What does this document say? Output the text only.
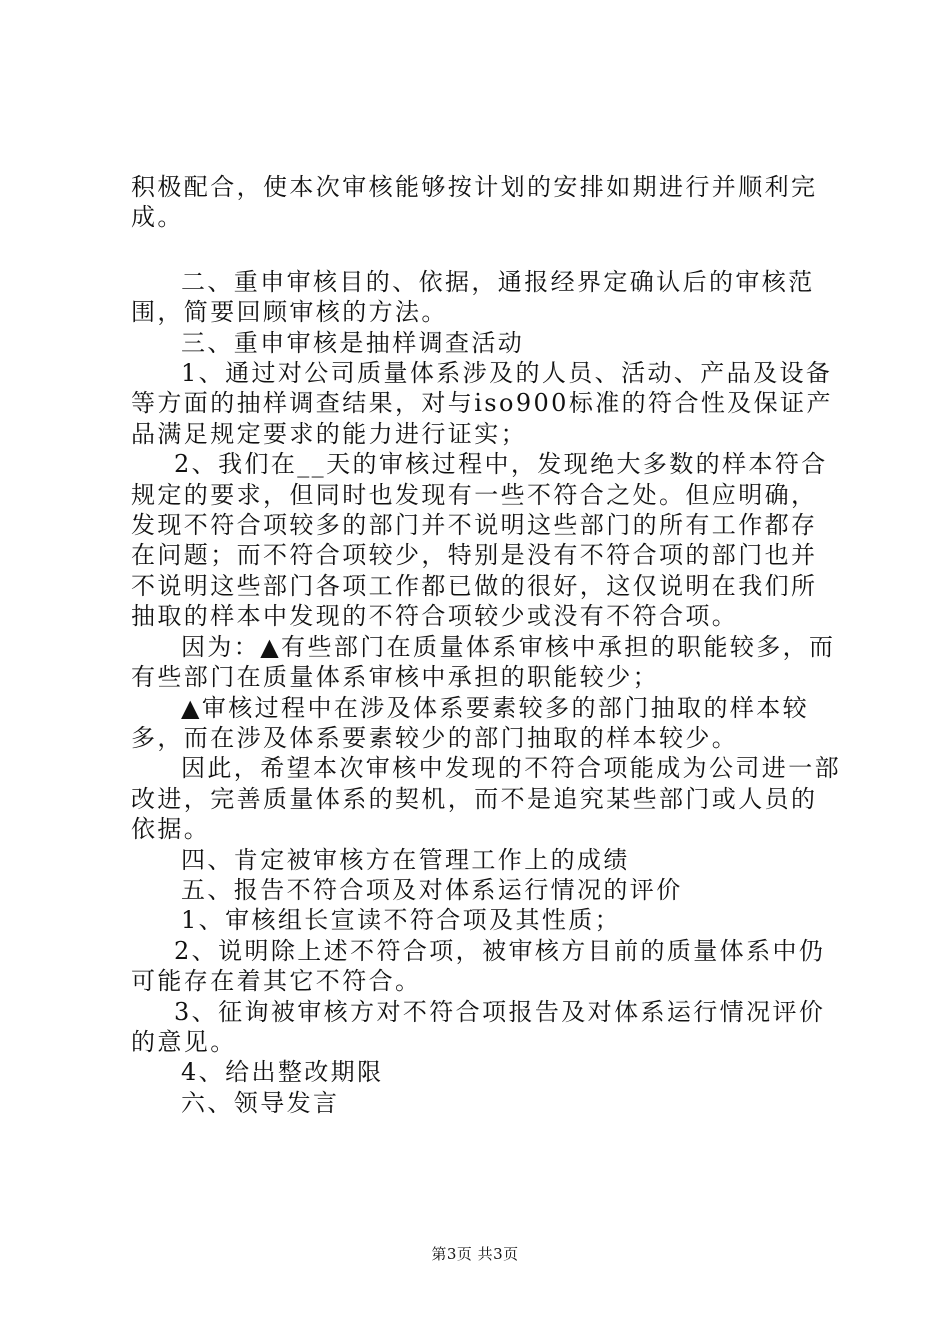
积极配合，使本次审核能够按计划的安排如期进行并顺利完成。

二、重申审核目的、依据，通报经界定确认后的审核范围，简要回顾审核的方法。

三、重申审核是抽样调查活动

1、通过对公司质量体系涉及的人员、活动、产品及设备等方面的抽样调查结果，对与iso900标准的符合性及保证产品满足规定要求的能力进行证实；

2、我们在__天的审核过程中，发现绝大多数的样本符合规定的要求，但同时也发现有一些不符合之处。但应明确，发现不符合项较多的部门并不说明这些部门的所有工作都存在问题；而不符合项较少，特别是没有不符合项的部门也并不说明这些部门各项工作都已做的很好，这仅说明在我们所抽取的样本中发现的不符合项较少或没有不符合项。

因为：▲有些部门在质量体系审核中承担的职能较多，而有些部门在质量体系审核中承担的职能较少；

▲审核过程中在涉及体系要素较多的部门抽取的样本较多，而在涉及体系要素较少的部门抽取的样本较少。

因此，希望本次审核中发现的不符合项能成为公司进一部改进，完善质量体系的契机，而不是追究某些部门或人员的依据。

四、肯定被审核方在管理工作上的成绩

五、报告不符合项及对体系运行情况的评价

1、审核组长宣读不符合项及其性质；

2、说明除上述不符合项，被审核方目前的质量体系中仍可能存在着其它不符合。

3、征询被审核方对不符合项报告及对体系运行情况评价的意见。

4、给出整改期限

六、领导发言

第3页 共3页
